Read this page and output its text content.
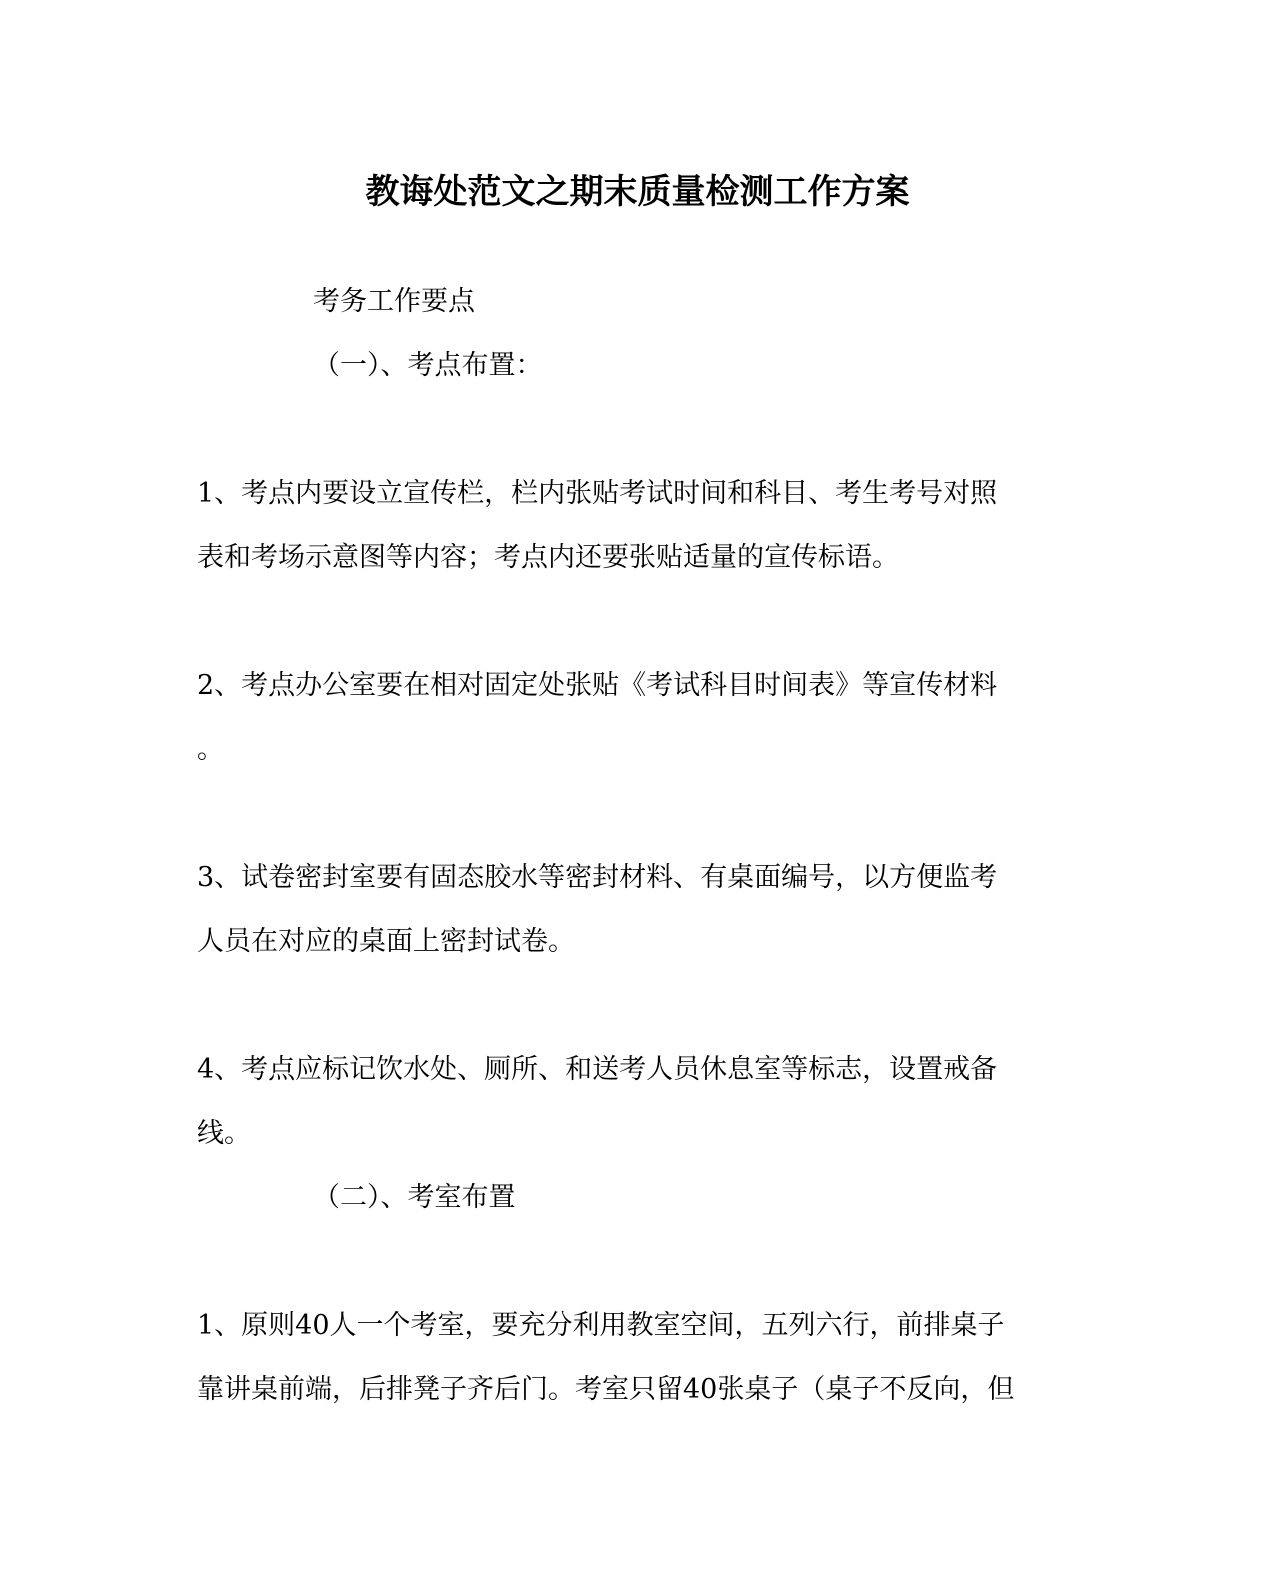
教诲处范文之期末质量检测工作方案

考务工作要点

（一）、考点布置：

1、考点内要设立宣传栏，栏内张贴考试时间和科目、考生考号对照

表和考场示意图等内容；考点内还要张贴适量的宣传标语。

2、考点办公室要在相对固定处张贴《考试科目时间表》等宣传材料

。

3、试卷密封室要有固态胶水等密封材料、有桌面编号，以方便监考

人员在对应的桌面上密封试卷。

4、考点应标记饮水处、厕所、和送考人员休息室等标志，设置戒备

线。

（二）、考室布置

1、原则40人一个考室，要充分利用教室空间，五列六行，前排桌子

靠讲桌前端，后排凳子齐后门。考室只留40张桌子（桌子不反向，但
